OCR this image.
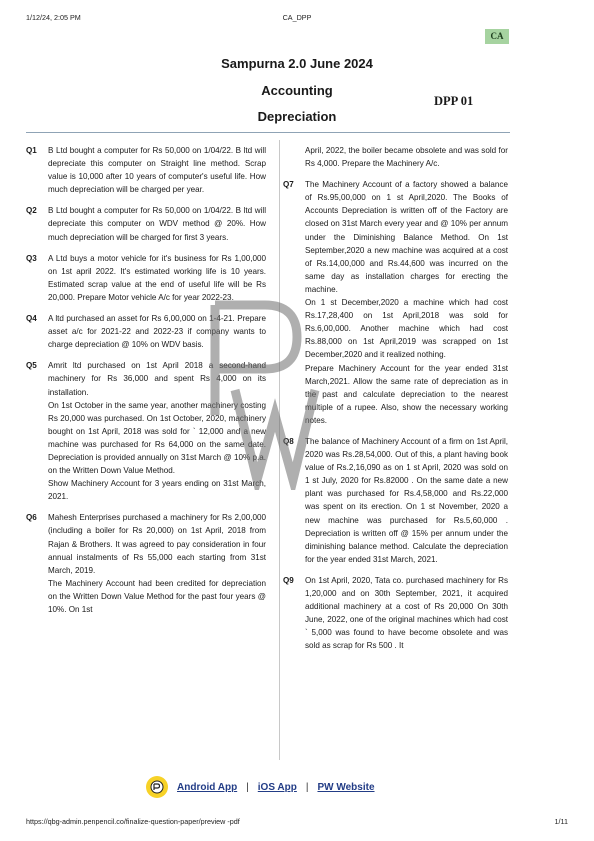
1/12/24, 2:05 PM	CA_DPP
CA
Sampurna 2.0 June 2024
Accounting
Depreciation
DPP 01
Q1 B Ltd bought a computer for Rs 50,000 on 1/04/22. B ltd will depreciate this computer on Straight line method. Scrap value is 10,000 after 10 years of computer's useful life. How much depreciation will be charged per year.

Q2 B Ltd bought a computer for Rs 50,000 on 1/04/22. B ltd will depreciate this computer on WDV method @ 20%. How much depreciation will be charged for first 3 years.

Q3 A Ltd buys a motor vehicle for it's business for Rs 1,00,000 on 1st april 2022. It's estimated working life is 10 years. Estimated scrap value at the end of useful life will be Rs 20,000. Prepare Motor vehicle A/c for year 2022-23.

Q4 A ltd purchased an asset for Rs 6,00,000 on 1-4-21. Prepare asset a/c for 2021-22 and 2022-23 if company wants to charge depreciation @ 10% on WDV basis.

Q5 Amrit ltd purchased on 1st April 2018 a second-hand machinery for Rs 36,000 and spent Rs 4,000 on its installation.

On 1st October in the same year, another machinery costing Rs 20,000 was purchased. On 1st October, 2020, machinery bought on 1st April, 2018 was sold for ` 12,000 and a new machine was purchased for Rs 64,000 on the same date. Depreciation is provided annually on 31st March @ 10% p.a. on the Written Down Value Method.

Show Machinery Account for 3 years ending on 31st March, 2021.

Q6 Mahesh Enterprises purchased a machinery for Rs 2,00,000 (including a boiler for Rs 20,000) on 1st April, 2018 from Rajan & Brothers. It was agreed to pay consideration in four annual instalments of Rs 55,000 each starting from 31st March, 2019.

The Machinery Account had been credited for depreciation on the Written Down Value Method for the past four years @ 10%. On 1st

April, 2022, the boiler became obsolete and was sold for Rs 4,000. Prepare the Machinery A/c.

Q7 The Machinery Account of a factory showed a balance of Rs.95,00,000 on 1 st April,2020. The Books of Accounts Depreciation is written off of the Factory are closed on 31st March every year and @ 10% per annum under the Diminishing Balance Method. On 1st September,2020 a new machine was acquired at a cost of Rs.14,00,000 and Rs.44,600 was incurred on the same day as installation charges for erecting the machine.

On 1 st December,2020 a machine which had cost Rs.17,28,400 on 1st April,2018 was sold for Rs.6,00,000. Another machine which had cost Rs.88,000 on 1st April,2019 was scrapped on 1st December,2020 and it realized nothing.

Prepare Machinery Account for the year ended 31st March,2021. Allow the same rate of depreciation as in the past and calculate depreciation to the nearest multiple of a rupee. Also, show the necessary working notes.

Q8 The balance of Machinery Account of a firm on 1st April, 2020 was Rs.28,54,000. Out of this, a plant having book value of Rs.2,16,090 as on 1 st April, 2020 was sold on 1 st July, 2020 for Rs.82000 . On the same date a new plant was purchased for Rs.4,58,000 and Rs.22,000 was spent on its erection. On 1 st November, 2020 a new machine was purchased for Rs.5,60,000 . Depreciation is written off @ 15% per annum under the diminishing balance method. Calculate the depreciation for the year ended 31st March, 2021.

Q9 On 1st April, 2020, Tata co. purchased machinery for Rs 1,20,000 and on 30th September, 2021, it acquired additional machinery at a cost of Rs 20,000 On 30th June, 2022, one of the original machines which had cost ` 5,000 was found to have become obsolete and was sold as scrap for Rs 500 . It

Android App | iOS App | PW Website
https://qbg-admin.penpencil.co/finalize-question-paper/preview -pdf	1/11
